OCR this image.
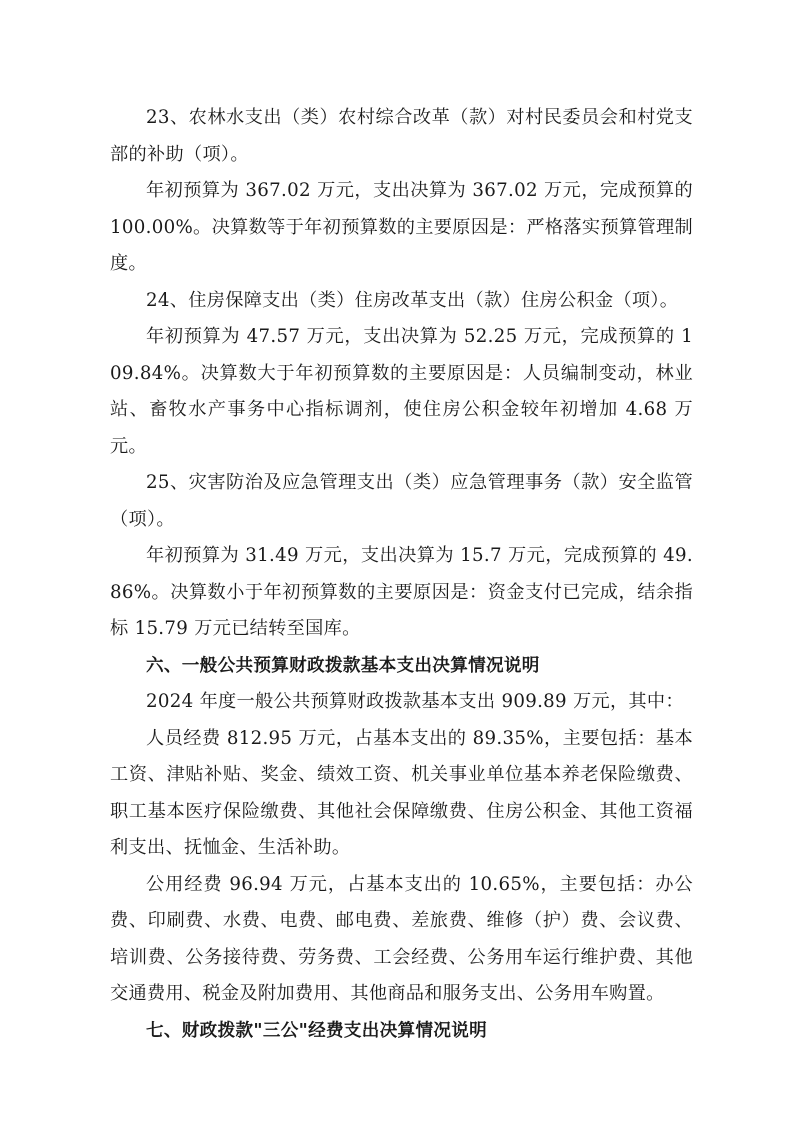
23、农林水支出（类）农村综合改革（款）对村民委员会和村党支部的补助（项）。

年初预算为 367.02 万元，支出决算为 367.02 万元，完成预算的 100.00%。决算数等于年初预算数的主要原因是：严格落实预算管理制度。

24、住房保障支出（类）住房改革支出（款）住房公积金（项）。

年初预算为 47.57 万元，支出决算为 52.25 万元，完成预算的 109.84%。决算数大于年初预算数的主要原因是：人员编制变动，林业站、畜牧水产事务中心指标调剂，使住房公积金较年初增加 4.68 万元。

25、灾害防治及应急管理支出（类）应急管理事务（款）安全监管（项）。

年初预算为 31.49 万元，支出决算为 15.7 万元，完成预算的 49.86%。决算数小于年初预算数的主要原因是：资金支付已完成，结余指标 15.79 万元已结转至国库。

六、一般公共预算财政拨款基本支出决算情况说明

2024 年度一般公共预算财政拨款基本支出 909.89 万元，其中：

人员经费 812.95 万元，占基本支出的 89.35%，主要包括：基本工资、津贴补贴、奖金、绩效工资、机关事业单位基本养老保险缴费、职工基本医疗保险缴费、其他社会保障缴费、住房公积金、其他工资福利支出、抚恤金、生活补助。

公用经费 96.94 万元，占基本支出的 10.65%，主要包括：办公费、印刷费、水费、电费、邮电费、差旅费、维修（护）费、会议费、培训费、公务接待费、劳务费、工会经费、公务用车运行维护费、其他交通费用、税金及附加费用、其他商品和服务支出、公务用车购置。

七、财政拨款"三公"经费支出决算情况说明
